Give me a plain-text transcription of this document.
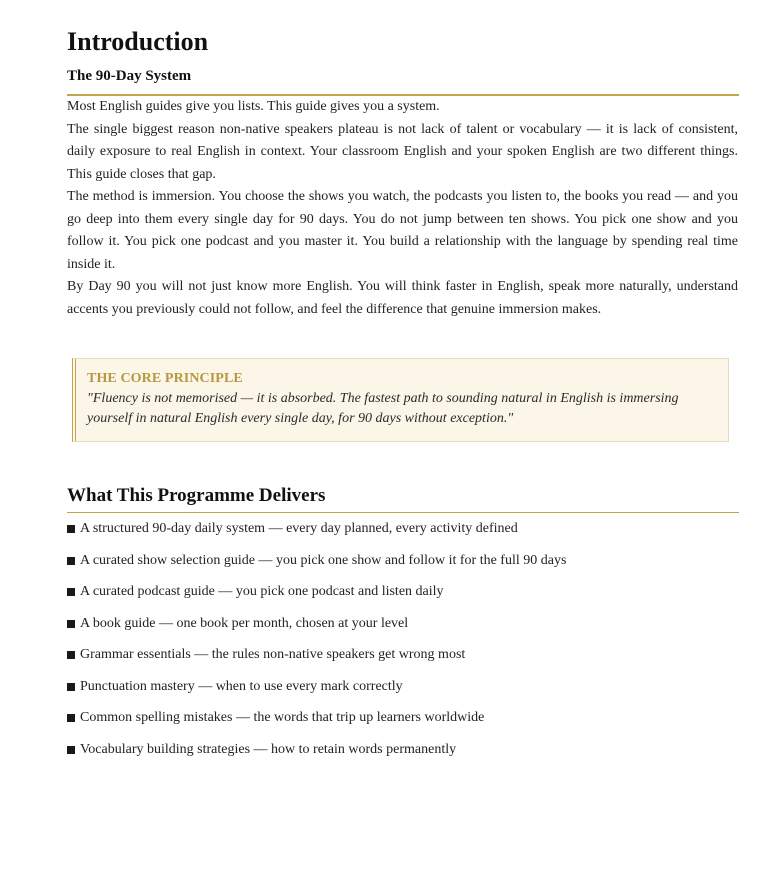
Introduction
The 90-Day System

Most English guides give you lists. This guide gives you a system.

The single biggest reason non-native speakers plateau is not lack of talent or vocabulary — it is lack of consistent, daily exposure to real English in context. Your classroom English and your spoken English are two different things. This guide closes that gap.

The method is immersion. You choose the shows you watch, the podcasts you listen to, the books you read — and you go deep into them every single day for 90 days. You do not jump between ten shows. You pick one show and you follow it. You pick one podcast and you master it. You build a relationship with the language by spending real time inside it.

By Day 90 you will not just know more English. You will think faster in English, speak more naturally, understand accents you previously could not follow, and feel the difference that genuine immersion makes.

THE CORE PRINCIPLE
"Fluency is not memorised — it is absorbed. The fastest path to sounding natural in English is immersing yourself in natural English every single day, for 90 days without exception."
What This Programme Delivers
A structured 90-day daily system — every day planned, every activity defined
A curated show selection guide — you pick one show and follow it for the full 90 days
A curated podcast guide — you pick one podcast and listen daily
A book guide — one book per month, chosen at your level
Grammar essentials — the rules non-native speakers get wrong most
Punctuation mastery — when to use every mark correctly
Common spelling mistakes — the words that trip up learners worldwide
Vocabulary building strategies — how to retain words permanently
